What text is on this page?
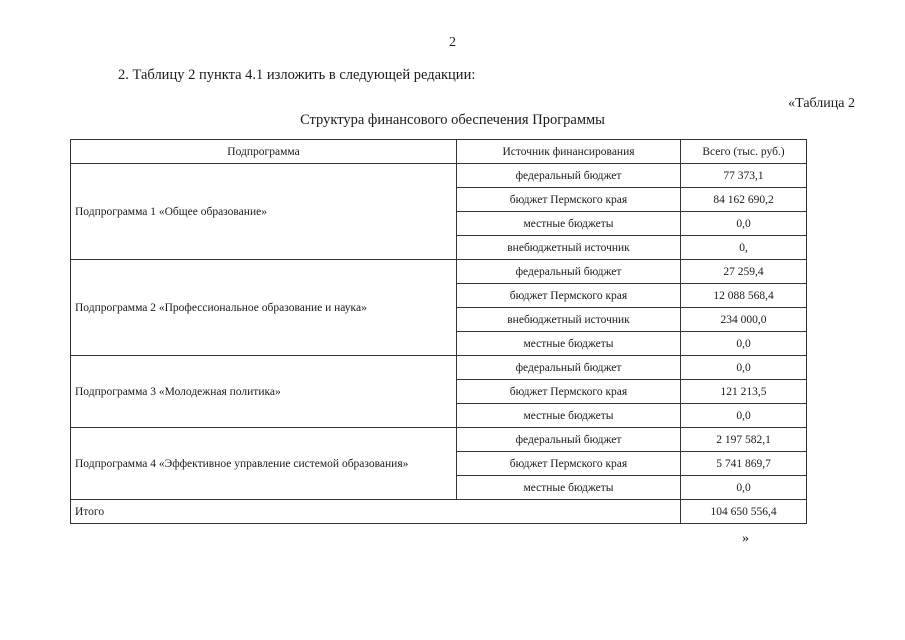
2
2. Таблицу 2 пункта 4.1 изложить в следующей редакции:
«Таблица 2
Структура финансового обеспечения Программы
Подпрограмма	Источник финансирования	Всего (тыс. руб.)
Подпрограмма 1 «Общее образование»	федеральный бюджет	77 373,1
	бюджет Пермского края	84 162 690,2
	местные бюджеты	0,0
	внебюджетный источник	0,
Подпрограмма 2 «Профессиональное образование и наука»	федеральный бюджет	27 259,4
	бюджет Пермского края	12 088 568,4
	внебюджетный источник	234 000,0
	местные бюджеты	0,0
Подпрограмма 3 «Молодежная политика»	федеральный бюджет	0,0
	бюджет Пермского края	121 213,5
	местные бюджеты	0,0
Подпрограмма 4 «Эффективное управление системой образования»	федеральный бюджет	2 197 582,1
	бюджет Пермского края	5 741 869,7
	местные бюджеты	0,0
Итого		104 650 556,4
»
